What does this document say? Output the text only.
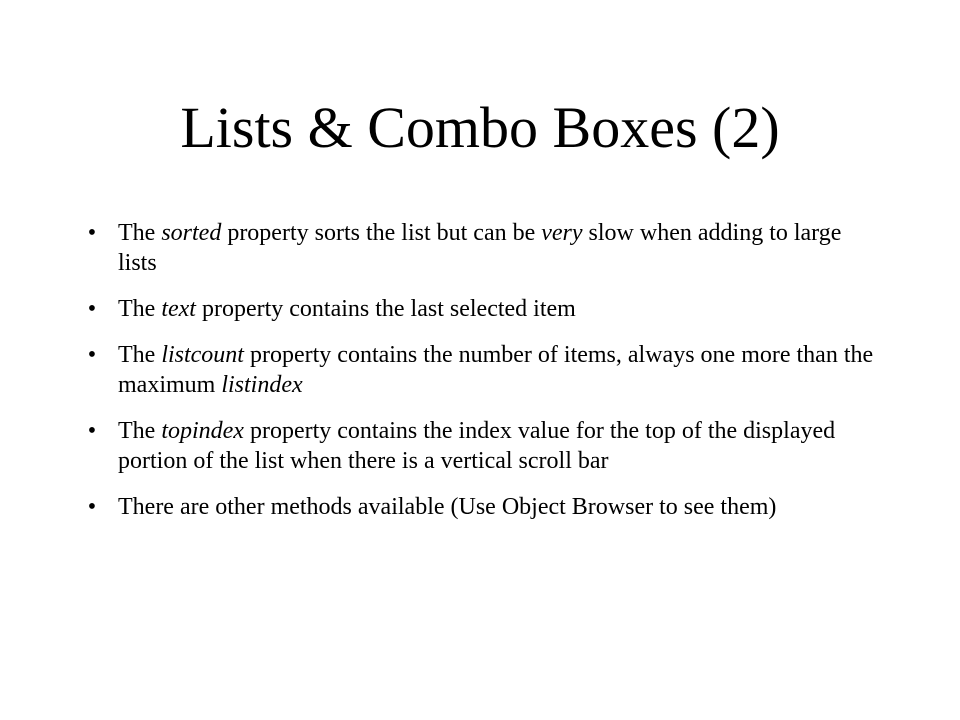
Lists & Combo Boxes (2)
• The sorted property sorts the list but can be very slow when adding to large lists
• The text property contains the last selected item
• The listcount property contains the number of items, always one more than the maximum listindex
• The topindex property contains the index value for the top of the displayed portion of the list when there is a vertical scroll bar
• There are other methods available (Use Object Browser to see them)
